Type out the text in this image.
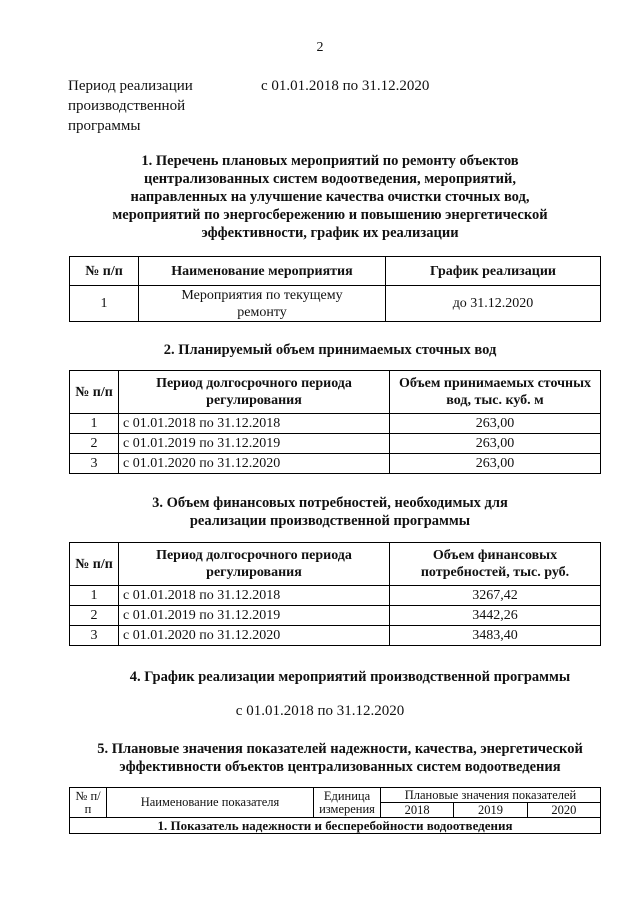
2
Период реализации производственной программы
с 01.01.2018 по 31.12.2020
1. Перечень плановых мероприятий по ремонту объектов централизованных систем водоотведения, мероприятий, направленных на улучшение качества очистки сточных вод, мероприятий по энергосбережению и повышению энергетической эффективности, график их реализации
№ п/п	Наименование мероприятия	График реализации
1	Мероприятия по текущему ремонту	до 31.12.2020
2. Планируемый объем принимаемых сточных вод
№ п/п	Период долгосрочного периода регулирования	Объем принимаемых сточных вод, тыс. куб. м
1	с 01.01.2018 по 31.12.2018	263,00
2	с 01.01.2019 по 31.12.2019	263,00
3	с 01.01.2020 по 31.12.2020	263,00
3. Объем финансовых потребностей, необходимых для реализации производственной программы
№ п/п	Период долгосрочного периода регулирования	Объем финансовых потребностей, тыс. руб.
1	с 01.01.2018 по 31.12.2018	3267,42
2	с 01.01.2019 по 31.12.2019	3442,26
3	с 01.01.2020 по 31.12.2020	3483,40
4. График реализации мероприятий производственной программы
с 01.01.2018 по 31.12.2020
5. Плановые значения показателей надежности, качества, энергетической эффективности объектов централизованных систем водоотведения
№ п/п	Наименование показателя	Единица измерения	Плановые значения показателей		
			2018	2019	2020
1. Показатель надежности и бесперебойности водоотведения					
